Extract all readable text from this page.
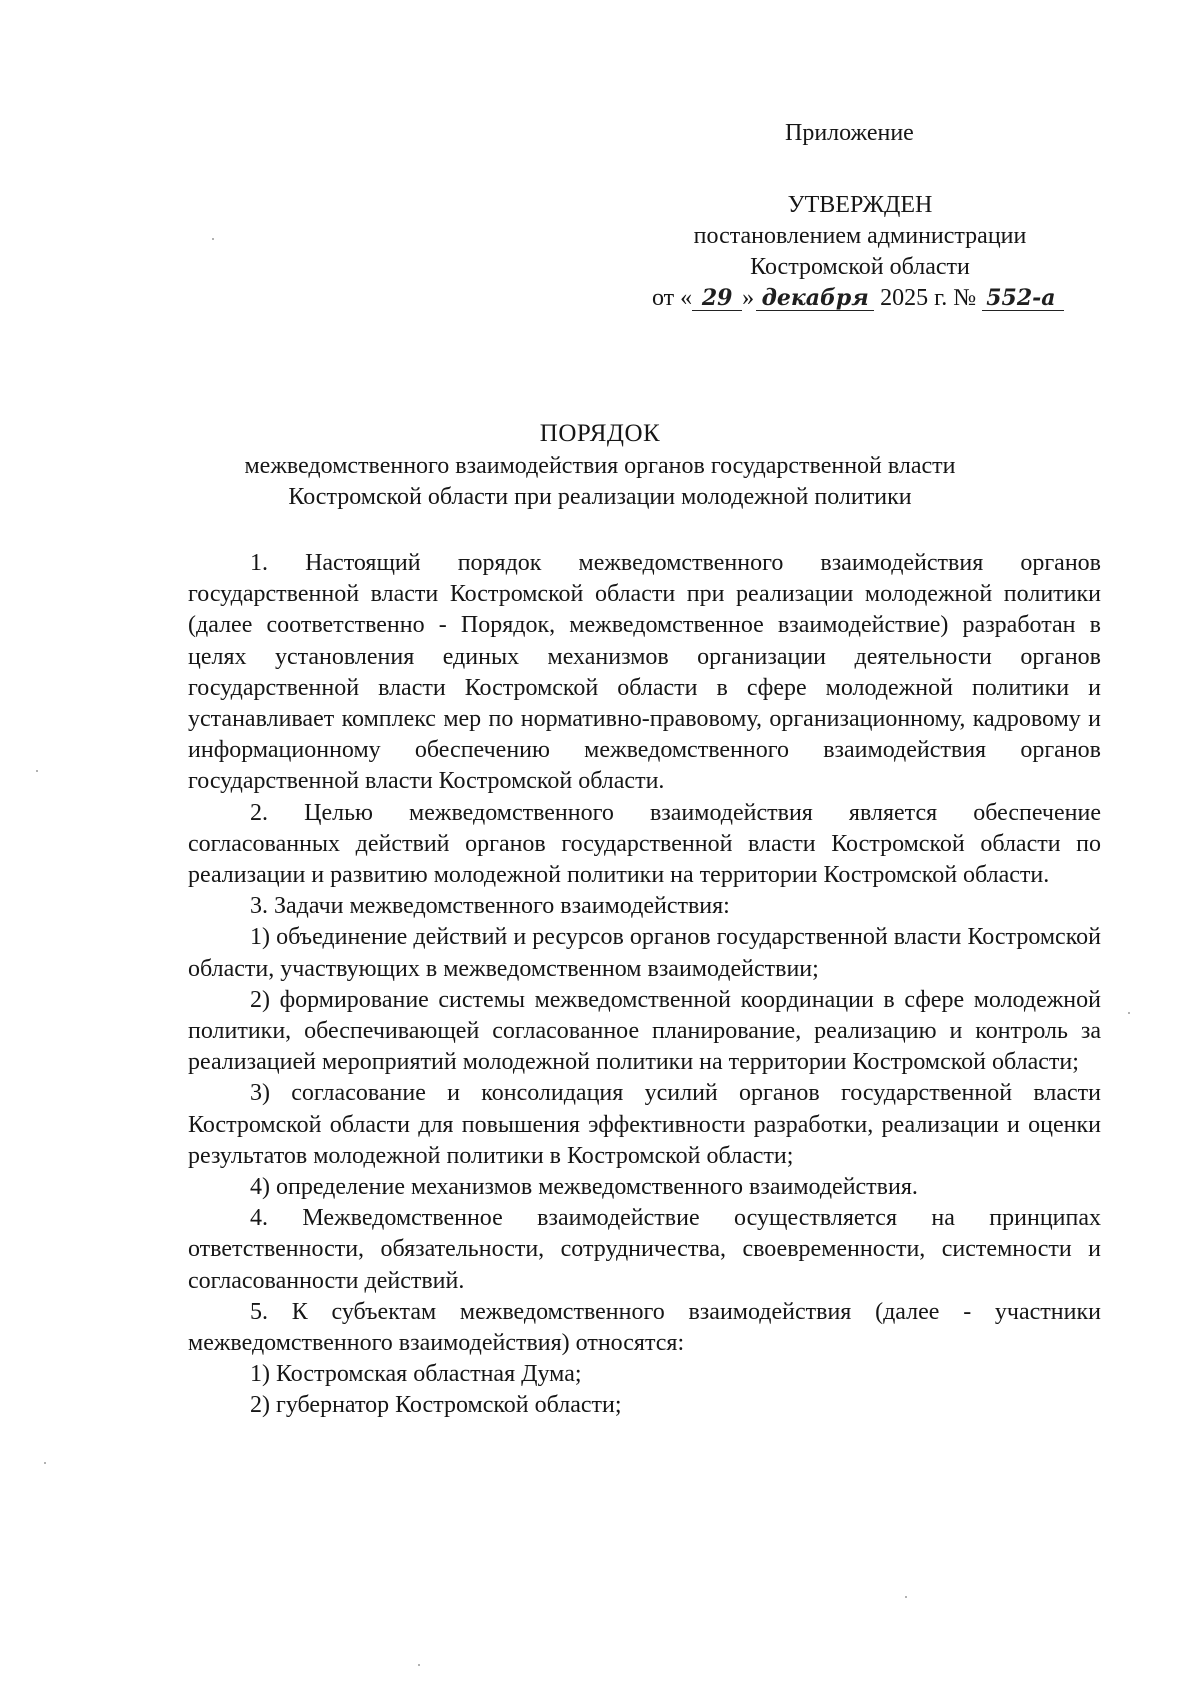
Приложение
УТВЕРЖДЕН
постановлением администрации
Костромской области
от « 29 » декабря 2025 г. № 552-а
ПОРЯДОК
межведомственного взаимодействия органов государственной власти
Костромской области при реализации молодежной политики

1. Настоящий порядок межведомственного взаимодействия органов государственной власти Костромской области при реализации молодежной политики (далее соответственно - Порядок, межведомственное взаимодействие) разработан в целях установления единых механизмов организации деятельности органов государственной власти Костромской области в сфере молодежной политики и устанавливает комплекс мер по нормативно-правовому, организационному, кадровому и информационному обеспечению межведомственного взаимодействия органов государственной власти Костромской области.

2. Целью межведомственного взаимодействия является обеспечение согласованных действий органов государственной власти Костромской области по реализации и развитию молодежной политики на территории Костромской области.

3. Задачи межведомственного взаимодействия:

1) объединение действий и ресурсов органов государственной власти Костромской области, участвующих в межведомственном взаимодействии;

2) формирование системы межведомственной координации в сфере молодежной политики, обеспечивающей согласованное планирование, реализацию и контроль за реализацией мероприятий молодежной политики на территории Костромской области;

3) согласование и консолидация усилий органов государственной власти Костромской области для повышения эффективности разработки, реализации и оценки результатов молодежной политики в Костромской области;

4) определение механизмов межведомственного взаимодействия.

4. Межведомственное взаимодействие осуществляется на принципах ответственности, обязательности, сотрудничества, своевременности, системности и согласованности действий.

5. К субъектам межведомственного взаимодействия (далее - участники межведомственного взаимодействия) относятся:

1) Костромская областная Дума;

2) губернатор Костромской области;
